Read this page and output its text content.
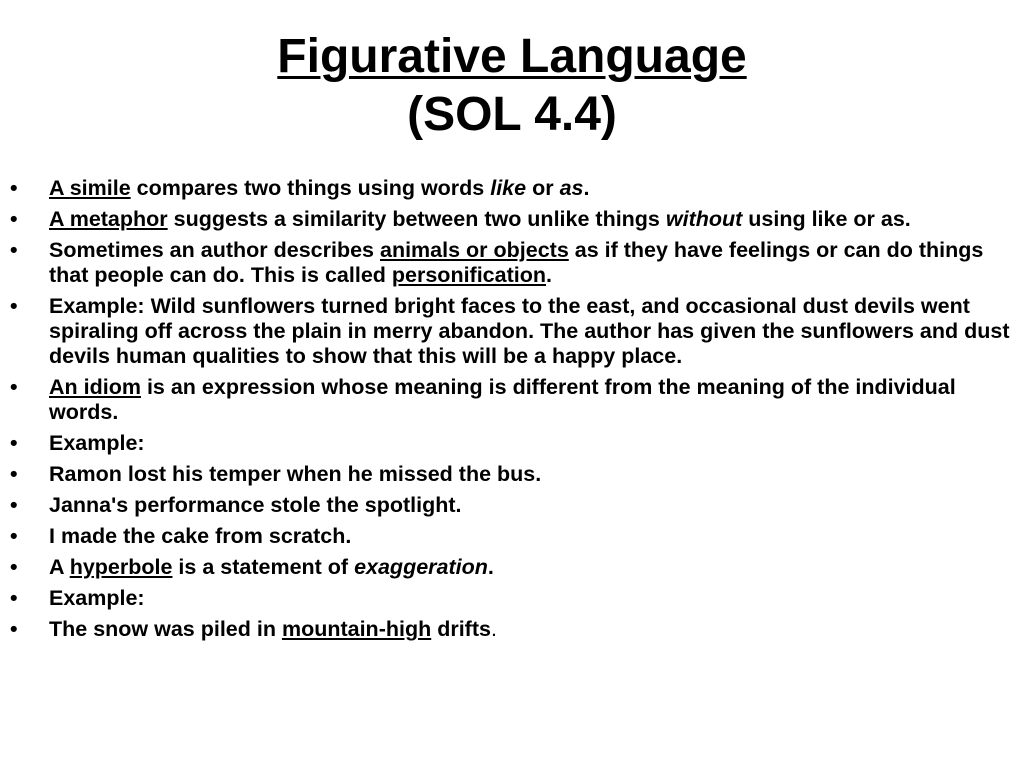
Figurative Language
(SOL 4.4)
• A simile compares two things using words like or as.
• A metaphor suggests a similarity between two unlike things without using like or as.
• Sometimes an author describes animals or objects as if they have feelings or can do things that people can do. This is called personification.
• Example: Wild sunflowers turned bright faces to the east, and occasional dust devils went spiraling off across the plain in merry abandon. The author has given the sunflowers and dust devils human qualities to show that this will be a happy place.
• An idiom is an expression whose meaning is different from the meaning of the individual words.
• Example:
• Ramon lost his temper when he missed the bus.
• Janna's performance stole the spotlight.
• I made the cake from scratch.
• A hyperbole is a statement of exaggeration.
• Example:
• The snow was piled in mountain-high drifts.
